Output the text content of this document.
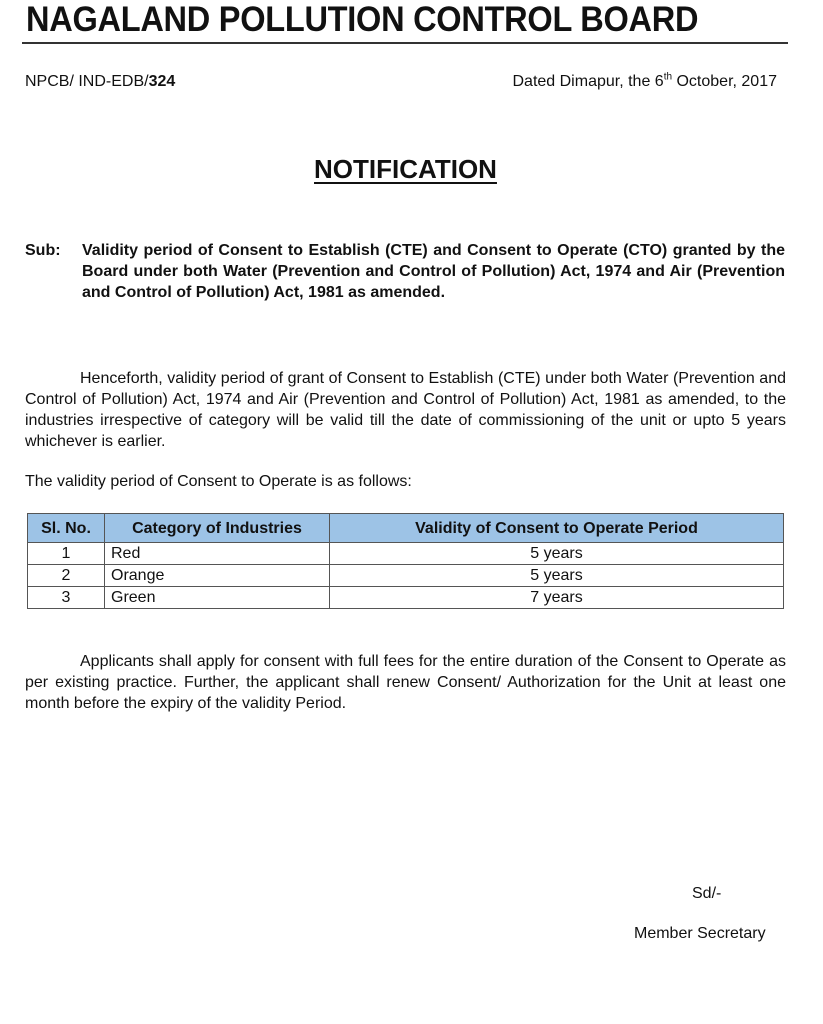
NAGALAND POLLUTION CONTROL BOARD
NPCB/ IND-EDB/324	Dated Dimapur, the 6th October, 2017
NOTIFICATION
Sub: Validity period of Consent to Establish (CTE) and Consent to Operate (CTO) granted by the Board under both Water (Prevention and Control of Pollution) Act, 1974 and Air (Prevention and Control of Pollution) Act, 1981 as amended.
Henceforth, validity period of grant of Consent to Establish (CTE) under both Water (Prevention and Control of Pollution) Act, 1974 and Air (Prevention and Control of Pollution) Act, 1981 as amended, to the industries irrespective of category will be valid till the date of commissioning of the unit or upto 5 years whichever is earlier.
The validity period of Consent to Operate is as follows:
Sl. No.	Category of Industries	Validity of Consent to Operate Period
1	Red	5 years
2	Orange	5 years
3	Green	7 years
Applicants shall apply for consent with full fees for the entire duration of the Consent to Operate as per existing practice. Further, the applicant shall renew Consent/ Authorization for the Unit at least one month before the expiry of the validity Period.
Sd/-
Member Secretary
